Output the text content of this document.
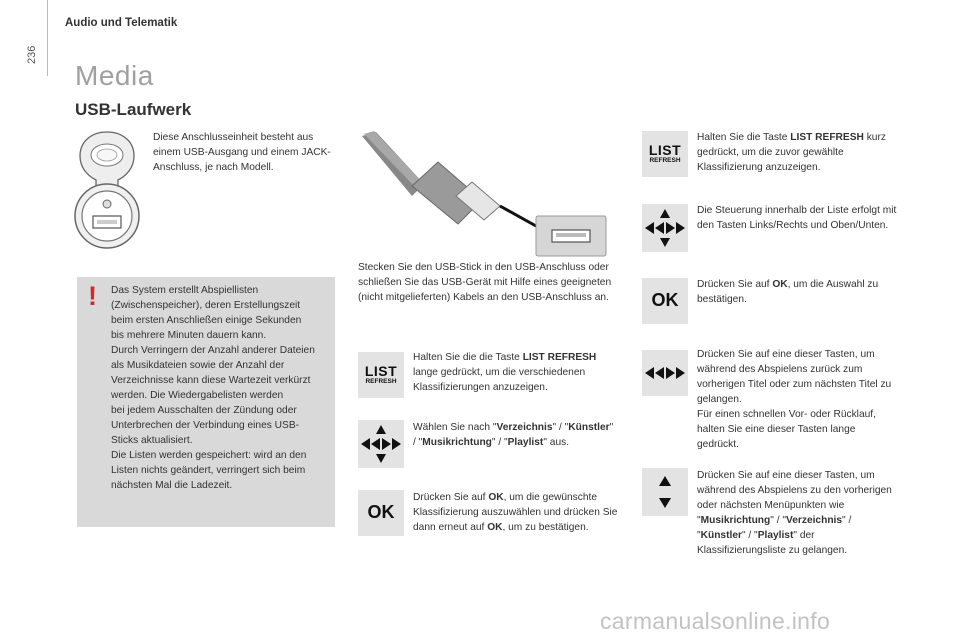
Audio und Telematik
236
Media
USB-Laufwerk
Diese Anschlusseinheit besteht aus einem USB-Ausgang und einem JACK-Anschluss, je nach Modell.
! Das System erstellt Abspiellisten
(Zwischenspeicher), deren Erstellungszeit
beim ersten Anschließen einige Sekunden
bis mehrere Minuten dauern kann.
Durch Verringern der Anzahl anderer Dateien
als Musikdateien sowie der Anzahl der
Verzeichnisse kann diese Wartezeit verkürzt
werden. Die Wiedergabelisten werden
bei jedem Ausschalten der Zündung oder
Unterbrechen der Verbindung eines USB-
Sticks aktualisiert.
Die Listen werden gespeichert: wird an den
Listen nichts geändert, verringert sich beim
nächsten Mal die Ladezeit.
Stecken Sie den USB-Stick in den USB-Anschluss oder schließen Sie das USB-Gerät mit Hilfe eines geeigneten (nicht mitgelieferten) Kabels an den USB-Anschluss an.
LIST
REFRESH
Halten Sie die die Taste LIST REFRESH lange gedrückt, um die verschiedenen Klassifizierungen anzuzeigen.
Wählen Sie nach "Verzeichnis" / "Künstler" / "Musikrichtung" / "Playlist" aus.
OK
Drücken Sie auf OK, um die gewünschte Klassifizierung auszuwählen und drücken Sie dann erneut auf OK, um zu bestätigen.
LIST
REFRESH
Halten Sie die Taste LIST REFRESH kurz gedrückt, um die zuvor gewählte Klassifizierung anzuzeigen.
Die Steuerung innerhalb der Liste erfolgt mit den Tasten Links/Rechts und Oben/Unten.
OK
Drücken Sie auf OK, um die Auswahl zu bestätigen.
Drücken Sie auf eine dieser Tasten, um während des Abspielens zurück zum vorherigen Titel oder zum nächsten Titel zu gelangen.
Für einen schnellen Vor- oder Rücklauf, halten Sie eine dieser Tasten lange gedrückt.
Drücken Sie auf eine dieser Tasten, um während des Abspielens zu den vorherigen oder nächsten Menüpunkten wie "Musikrichtung" / "Verzeichnis" / "Künstler" / "Playlist" der Klassifizierungsliste zu gelangen.
carmanualsonline.info
